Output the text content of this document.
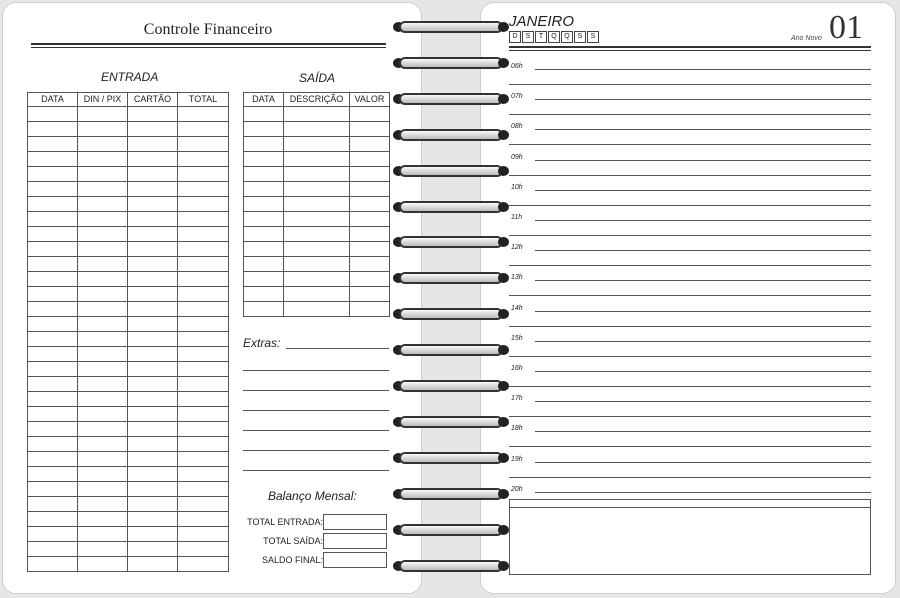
Controle Financeiro
ENTRADA
DATA	DIN / PIX	CARTÃO	TOTAL

SAÍDA
DATA	DESCRIÇÃO	VALOR

Extras:
Balanço Mensal:
TOTAL ENTRADA:
TOTAL SAÍDA:
SALDO FINAL:
JANEIRO
D	S	T	Q	Q	S	S	Ano Novo 01
06h
07h
08h
09h
10h
11h
12h
13h
14h
15h
16h
17h
18h
19h
20h
